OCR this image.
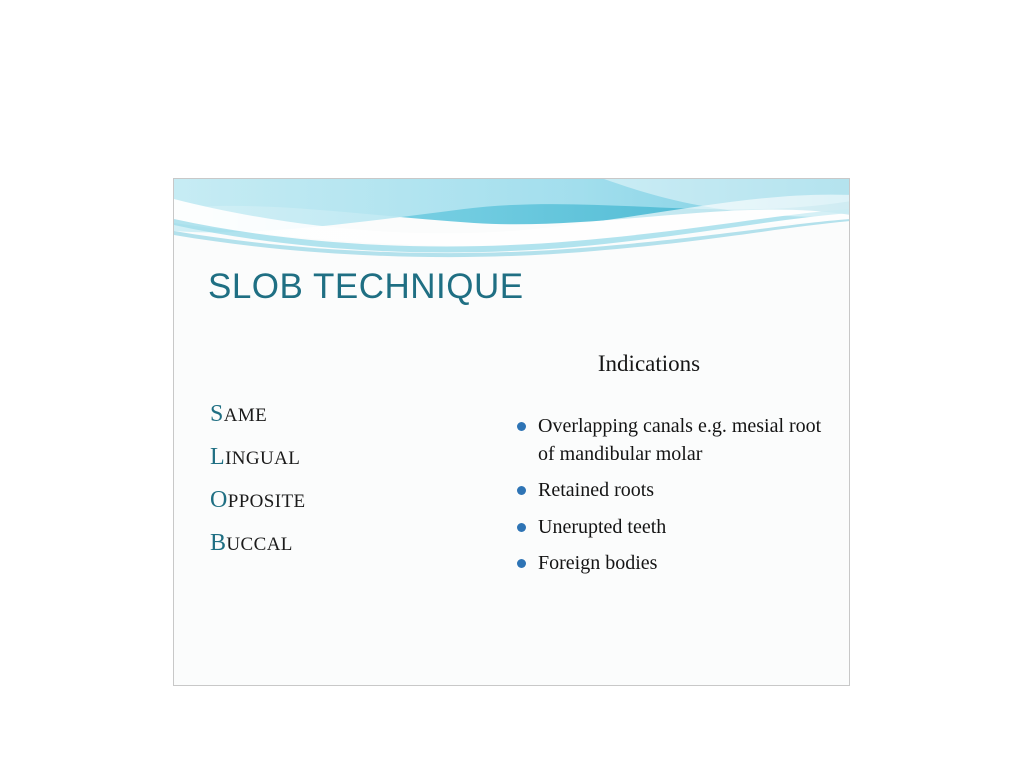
SLOB TECHNIQUE
SAME
LINGUAL
OPPOSITE
BUCCAL
Indications
Overlapping canals e.g. mesial root of mandibular molar
Retained roots
Unerupted teeth
Foreign bodies
